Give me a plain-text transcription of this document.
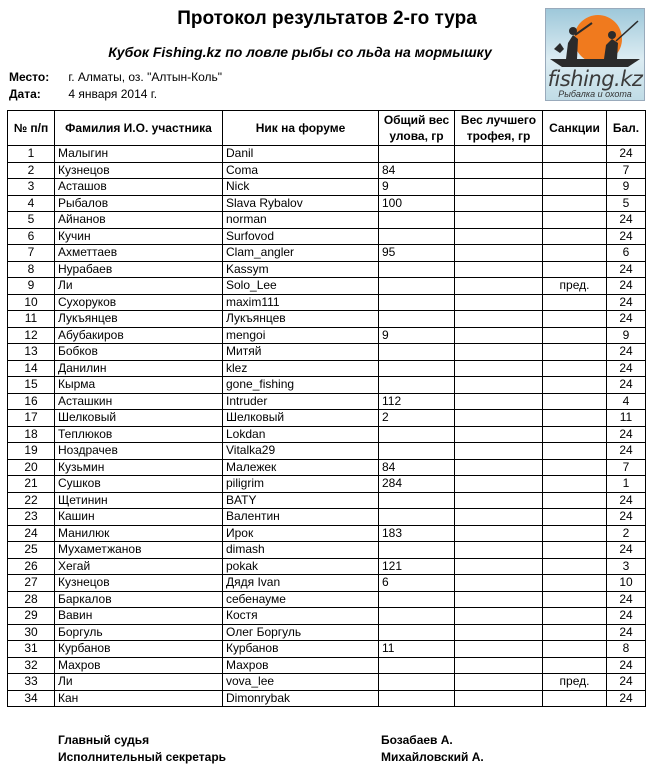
Протокол результатов 2-го тура
Кубок Fishing.kz по ловле рыбы со льда на мормышку
Место: г. Алматы, оз. "Алтын-Коль"
Дата: 4 января 2014 г.
fishing.kz
Рыбалка и охота
№ п/п	Фамилия И.О. участника	Ник на форуме	Общий вес улова, гр	Вес лучшего трофея, гр	Санкции	Бал.
1	Малыгин	Danil				24
2	Кузнецов	Coma	84			7
3	Асташов	Nick	9			9
4	Рыбалов	Slava Rybalov	100			5
5	Айнанов	norman				24
6	Кучин	Surfovod				24
7	Ахметтаев	Clam_angler	95			6
8	Нурабаев	Kassym				24
9	Ли	Solo_Lee			пред.	24
10	Сухоруков	maxim111				24
11	Лукъянцев	Лукъянцев				24
12	Абубакиров	mengoi	9			9
13	Бобков	Митяй				24
14	Данилин	klez				24
15	Кырма	gone_fishing				24
16	Асташкин	Intruder	112			4
17	Шелковый	Шелковый	2			11
18	Теплюков	Lokdan				24
19	Ноздрачев	Vitalka29				24
20	Кузьмин	Малежек	84			7
21	Сушков	piligrim	284			1
22	Щетинин	BATY				24
23	Кашин	Валентин				24
24	Манилюк	Ирок	183			2
25	Мухаметжанов	dimash				24
26	Хегай	pokak	121			3
27	Кузнецов	Дядя Ivan	6			10
28	Баркалов	себенауме				24
29	Вавин	Костя				24
30	Боргуль	Олег Боргуль				24
31	Курбанов	Курбанов	11			8
32	Махров	Махров				24
33	Ли	vova_lee			пред.	24
34	Кан	Dimonrybak				24
Главный судья
Исполнительный секретарь
Бозабаев А.
Михайловский А.
